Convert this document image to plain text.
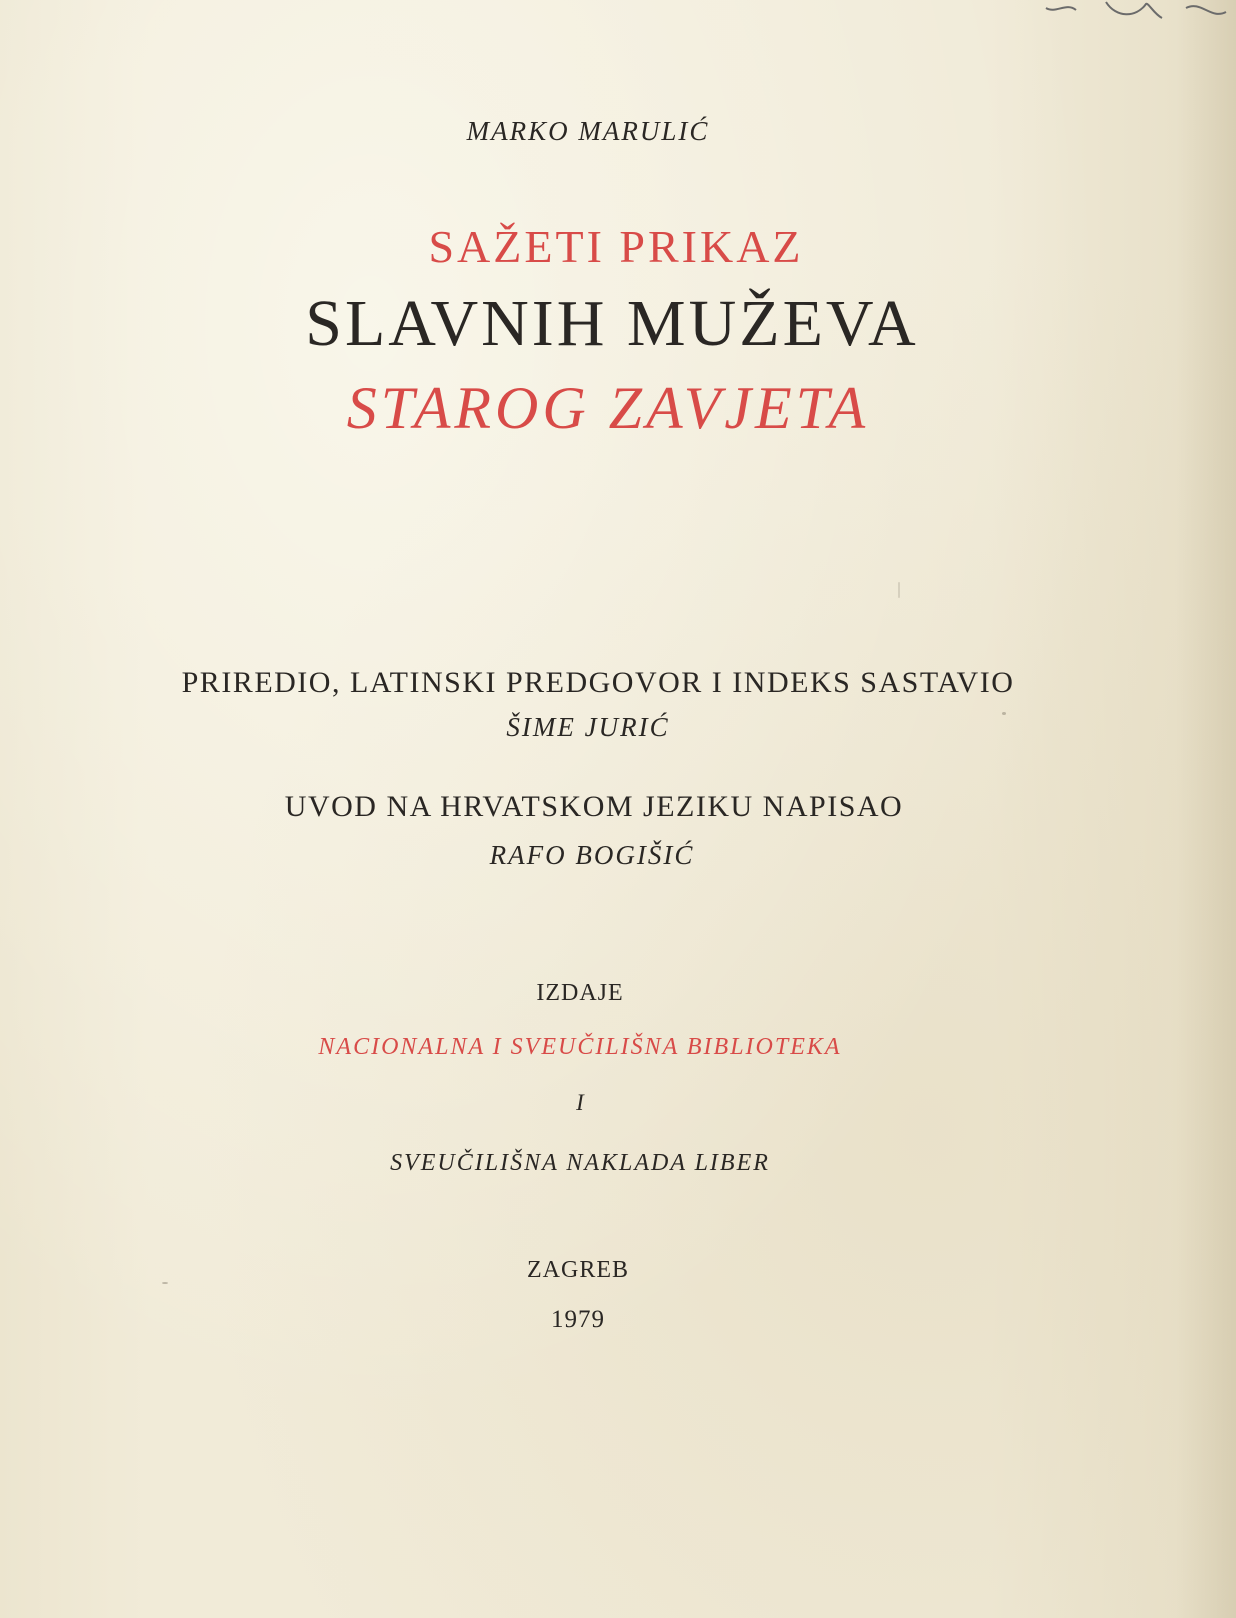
MARKO MARULIĆ
SAŽETI PRIKAZ
SLAVNIH MUŽEVA
STAROG ZAVJETA
PRIREDIO, LATINSKI PREDGOVOR I INDEKS SASTAVIO
ŠIME JURIĆ
UVOD NA HRVATSKOM JEZIKU NAPISAO
RAFO BOGIŠIĆ
IZDAJE
NACIONALNA I SVEUČILIŠNA BIBLIOTEKA
I
SVEUČILIŠNA NAKLADA LIBER
ZAGREB
1979
